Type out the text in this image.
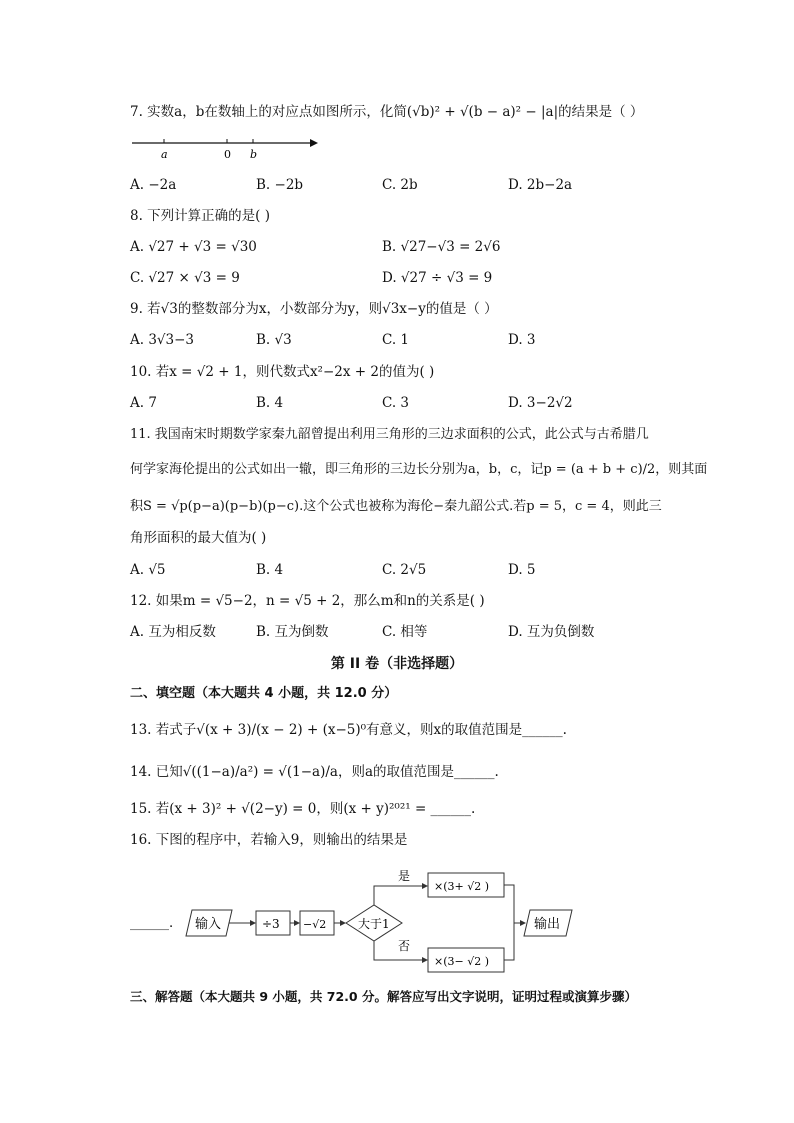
7. 实数a，b在数轴上的对应点如图所示，化简(√b)² + √(b − a)² − |a|的结果是（ ）
a	0 b
A. −2a	B. −2b	C. 2b	D. 2b−2a
8. 下列计算正确的是( )
A. √27 + √3 = √30	B. √27−√3 = 2√6
C. √27 × √3 = 9	D. √27 ÷ √3 = 9
9. 若√3的整数部分为x，小数部分为y，则√3x−y的值是（ ）
A. 3√3−3	B. √3	C. 1	D. 3
10. 若x = √2 + 1，则代数式x²−2x + 2的值为( )
A. 7	B. 4	C. 3	D. 3−2√2
11. 我国南宋时期数学家秦九韶曾提出利用三角形的三边求面积的公式，此公式与古希腊几
何学家海伦提出的公式如出一辙，即三角形的三边长分别为a，b，c，记p = (a + b + c)/2，则其面
积S = √p(p−a)(p−b)(p−c).这个公式也被称为海伦−秦九韶公式.若p = 5，c = 4，则此三
角形面积的最大值为( )
A. √5	B. 4	C. 2√5	D. 5
12. 如果m = √5−2，n = √5 + 2，那么m和n的关系是( )
A. 互为相反数	B. 互为倒数	C. 相等	D. 互为负倒数
第 II 卷（非选择题）
二、填空题（本大题共 4 小题，共 12.0 分）
13. 若式子√(x + 3)/(x − 2) + (x−5)⁰有意义，则x的取值范围是______.
14. 已知√((1−a)/a²) = √(1−a)/a，则a的取值范围是______.
15. 若(x + 3)² + √(2−y) = 0，则(x + y)²⁰²¹ = ______.
16. 下图的程序中，若输入9，则输出的结果是
______. 输入	÷3 −√2	大于1
是
×(3+ √2 )
否
×(3− √2 )
输出
三、解答题（本大题共 9 小题，共 72.0 分。解答应写出文字说明，证明过程或演算步骤）
